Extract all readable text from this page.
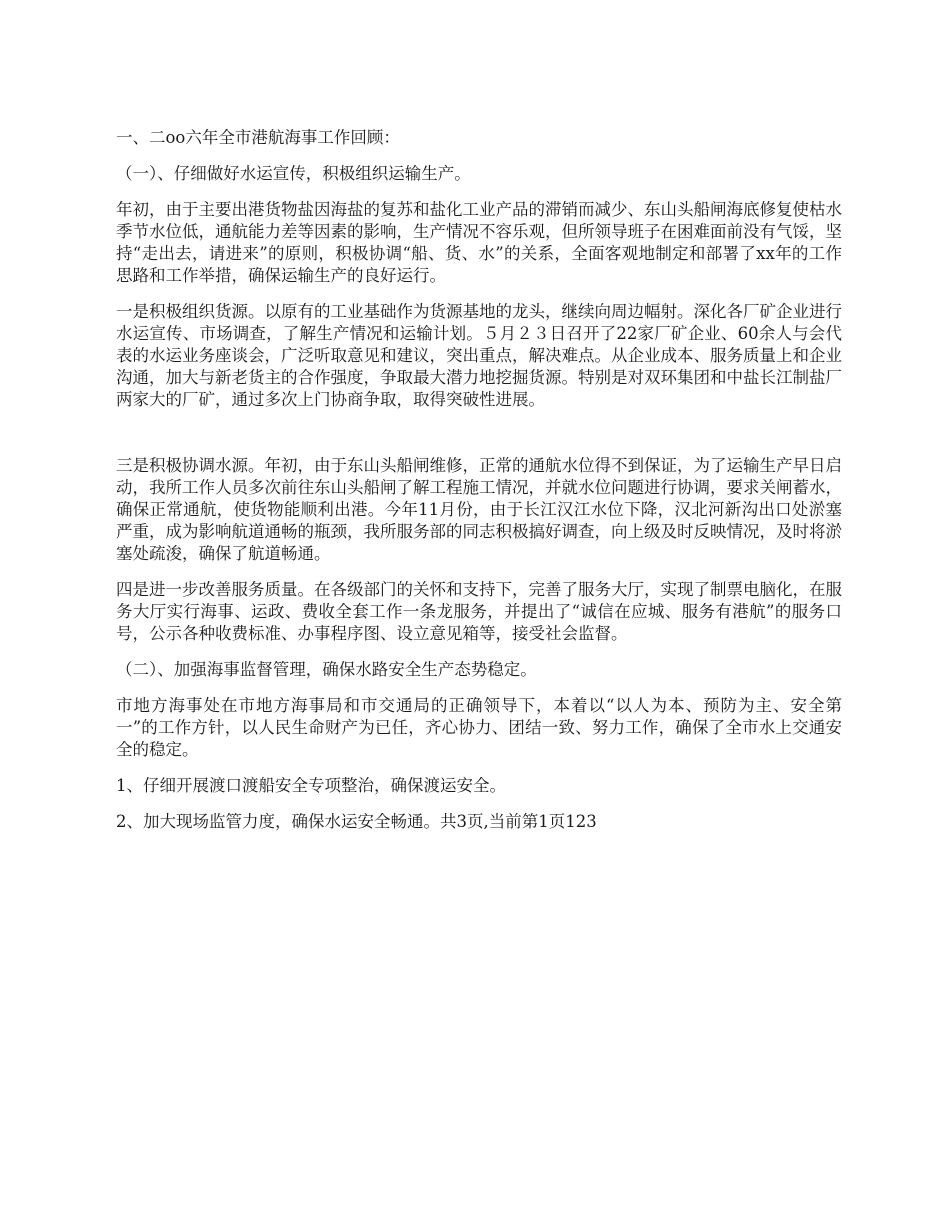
一、二oo六年全市港航海事工作回顾：

（一）、仔细做好水运宣传，积极组织运输生产。

年初，由于主要出港货物盐因海盐的复苏和盐化工业产品的滞销而减少、东山头船闸海底修复使枯水季节水位低，通航能力差等因素的影响，生产情况不容乐观，但所领导班子在困难面前没有气馁，坚持“走出去，请进来”的原则，积极协调“船、货、水”的关系，全面客观地制定和部署了xx年的工作思路和工作举措，确保运输生产的良好运行。

一是积极组织货源。以原有的工业基础作为货源基地的龙头，继续向周边幅射。深化各厂矿企业进行水运宣传、市场调查，了解生产情况和运输计划。５月２３日召开了22家厂矿企业、60余人与会代表的水运业务座谈会，广泛听取意见和建议，突出重点，解决难点。从企业成本、服务质量上和企业沟通，加大与新老货主的合作强度，争取最大潜力地挖掘货源。特别是对双环集团和中盐长江制盐厂两家大的厂矿，通过多次上门协商争取，取得突破性进展。

三是积极协调水源。年初，由于东山头船闸维修，正常的通航水位得不到保证，为了运输生产早日启动，我所工作人员多次前往东山头船闸了解工程施工情况，并就水位问题进行协调，要求关闸蓄水，确保正常通航，使货物能顺利出港。今年11月份，由于长江汉江水位下降，汉北河新沟出口处淤塞严重，成为影响航道通畅的瓶颈，我所服务部的同志积极搞好调查，向上级及时反映情况，及时将淤塞处疏浚，确保了航道畅通。

四是进一步改善服务质量。在各级部门的关怀和支持下，完善了服务大厅，实现了制票电脑化，在服务大厅实行海事、运政、费收全套工作一条龙服务，并提出了“诚信在应城、服务有港航”的服务口号，公示各种收费标准、办事程序图、设立意见箱等，接受社会监督。

（二）、加强海事监督管理，确保水路安全生产态势稳定。

市地方海事处在市地方海事局和市交通局的正确领导下，本着以“以人为本、预防为主、安全第一”的工作方针，以人民生命财产为已任，齐心协力、团结一致、努力工作，确保了全市水上交通安全的稳定。

1、仔细开展渡口渡船安全专项整治，确保渡运安全。

2、加大现场监管力度，确保水运安全畅通。共3页,当前第1页123
